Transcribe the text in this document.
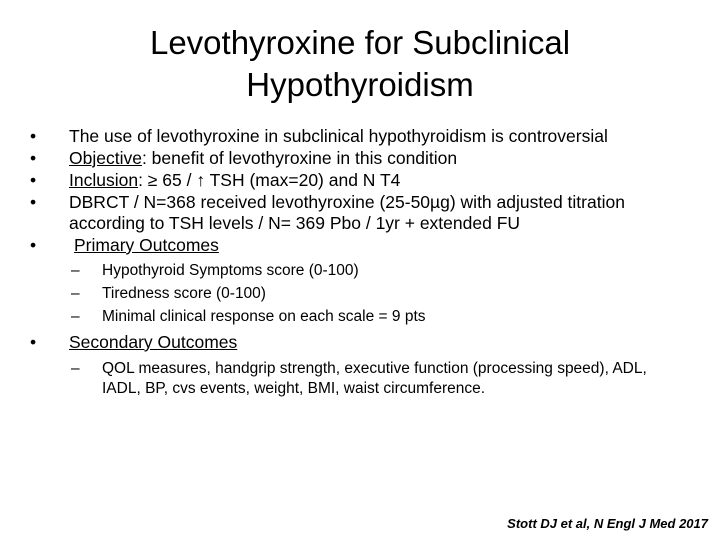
Levothyroxine for Subclinical
Hypothyroidism
• The use of levothyroxine in subclinical hypothyroidism is controversial
• Objective: benefit of levothyroxine in this condition
• Inclusion: ≥ 65 / ↑ TSH (max=20) and N T4
• DBRCT / N=368 received levothyroxine (25-50µg) with adjusted titration according to TSH levels / N= 369 Pbo / 1yr + extended FU
• Primary Outcomes
– Hypothyroid Symptoms score (0-100)
– Tiredness score (0-100)
– Minimal clinical response on each scale = 9 pts
• Secondary Outcomes
– QOL measures, handgrip strength, executive function (processing speed), ADL, IADL, BP, cvs events, weight, BMI, waist circumference.
Stott DJ et al, N Engl J Med 2017
